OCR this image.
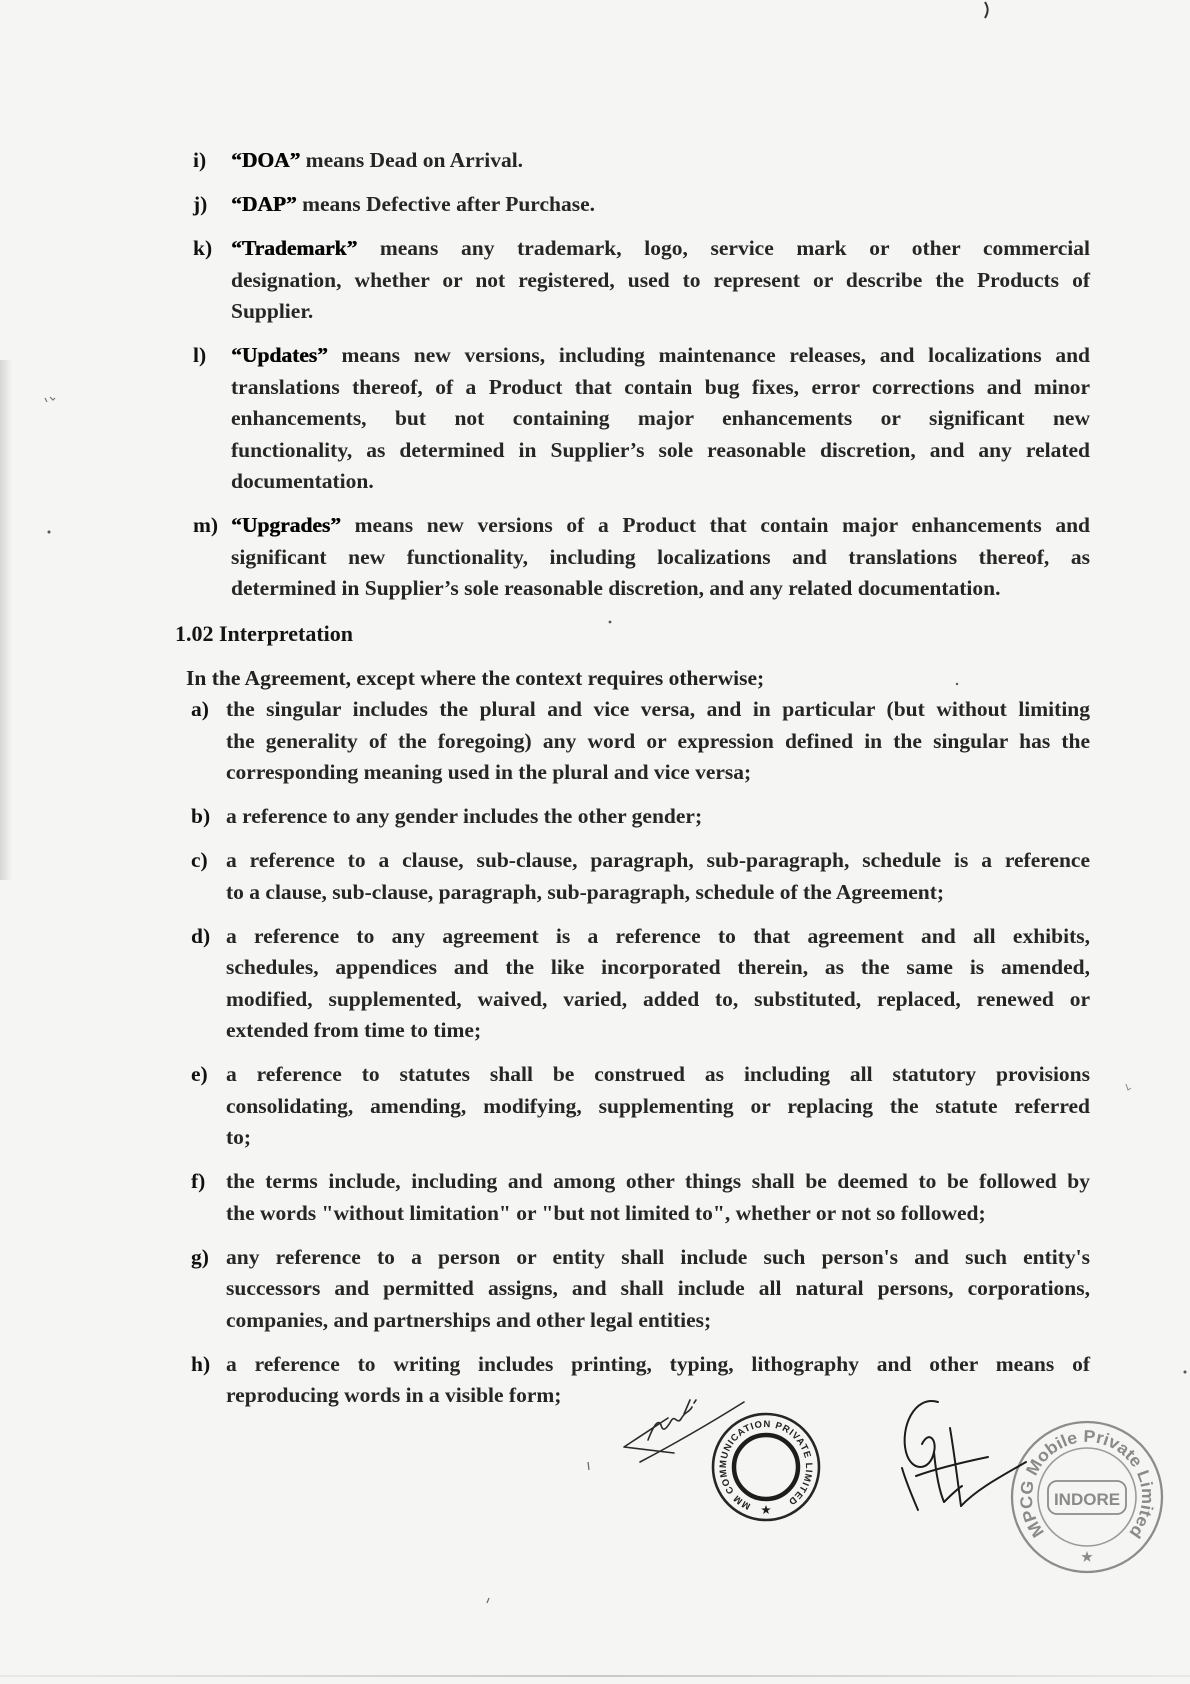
i)	“DOA” means Dead on Arrival.
j)	“DAP” means Defective after Purchase.
k) “Trademark” means any trademark, logo, service mark or other commercial
designation, whether or not registered, used to represent or describe the Products of
Supplier.
l)	“Updates” means new versions, including maintenance releases, and localizations and
translations thereof, of a Product that contain bug fixes, error corrections and minor
enhancements, but not containing major enhancements or significant new
functionality, as determined in Supplier’s sole reasonable discretion, and any related
documentation.
m) “Upgrades” means new versions of a Product that contain major enhancements and
significant new functionality, including localizations and translations thereof, as
determined in Supplier’s sole reasonable discretion, and any related documentation.
1.02 Interpretation
In the Agreement, except where the context requires otherwise;
a) the singular includes the plural and vice versa, and in particular (but without limiting
the generality of the foregoing) any word or expression defined in the singular has the
corresponding meaning used in the plural and vice versa;
b) a reference to any gender includes the other gender;
c) a reference to a clause, sub-clause, paragraph, sub-paragraph, schedule is a reference
to a clause, sub-clause, paragraph, sub-paragraph, schedule of the Agreement;
d) a reference to any agreement is a reference to that agreement and all exhibits,
schedules, appendices and the like incorporated therein, as the same is amended,
modified, supplemented, waived, varied, added to, substituted, replaced, renewed or
extended from time to time;
e) a reference to statutes shall be construed as including all statutory provisions
consolidating, amending, modifying, supplementing or replacing the statute referred
to;
f) the terms include, including and among other things shall be deemed to be followed by
the words "without limitation" or "but not limited to", whether or not so followed;
g) any reference to a person or entity shall include such person's and such entity's
successors and permitted assigns, and shall include all natural persons, corporations,
companies, and partnerships and other legal entities;
h) a reference to writing includes printing, typing, lithography and other means of
reproducing words in a visible form;
MM COMMUNICATION PRIVATE LIMITED
MPCG Mobile Private Limited
INDORE
